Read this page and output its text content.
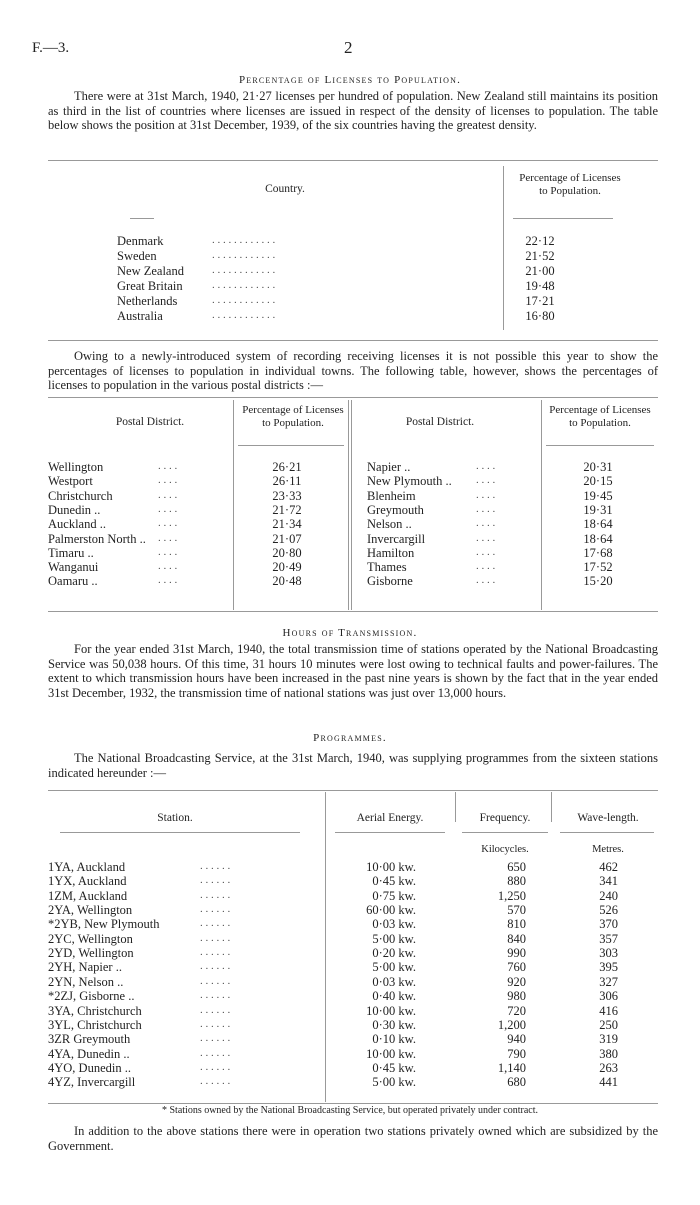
F.—3.	2
Percentage of Licenses to Population.
There were at 31st March, 1940, 21·27 licenses per hundred of population. New Zealand still maintains its position as third in the list of countries where licenses are issued in respect of the density of licenses to population. The table below shows the position at 31st December, 1939, of the six countries having the greatest density.
Country.
Percentage of Licenses to Population.
Denmark	. . . . . . . . . . . .	22·12
Sweden	. . . . . . . . . . . .	21·52
New Zealand	. . . . . . . . . . . .	21·00
Great Britain	. . . . . . . . . . . .	19·48
Netherlands	. . . . . . . . . . . .	17·21
Australia	. . . . . . . . . . . .	16·80
Owing to a newly-introduced system of recording receiving licenses it is not possible this year to show the percentages of licenses to population in individual towns. The following table, however, shows the percentages of licenses to population in the various postal districts :—
Postal District.
Percentage of Licenses to Population.	Postal District.
Percentage of Licenses to Population.
Wellington	. . . .	26·21
Westport	. . . .	26·11
Christchurch	. . . .	23·33
Dunedin ..	. . . .	21·72
Auckland ..	. . . .	21·34
Palmerston North .. . . . .	21·07
Timaru ..	. . . .	20·80
Wanganui	. . . .	20·49
Oamaru ..	. . . .	20·48
Napier ..	. . . .	20·31
New Plymouth .. . . . .	20·15
Blenheim	. . . .	19·45
Greymouth	. . . .	19·31
Nelson ..	. . . .	18·64
Invercargill	. . . .	18·64
Hamilton	. . . .	17·68
Thames	. . . .	17·52
Gisborne	. . . .	15·20
Hours of Transmission.
For the year ended 31st March, 1940, the total transmission time of stations operated by the National Broadcasting Service was 50,038 hours. Of this time, 31 hours 10 minutes were lost owing to technical faults and power-failures. The extent to which transmission hours have been increased in the past nine years is shown by the fact that in the year ended 31st December, 1932, the transmission time of national stations was just over 13,000 hours.
Programmes.
The National Broadcasting Service, at the 31st March, 1940, was supplying programmes from the sixteen stations indicated hereunder :—
Station.	Aerial Energy.	Frequency.	Wave-length.
Kilocycles.	Metres.
1YA, Auckland	. . . . . .	10·00 kw.	650	462
1YX, Auckland	. . . . . .	0·45 kw.	880	341
1ZM, Auckland	. . . . . .	0·75 kw.	1,250	240
2YA, Wellington	. . . . . .	60·00 kw.	570	526
*2YB, New Plymouth	. . . . . .	0·03 kw.	810	370
2YC, Wellington	. . . . . .	5·00 kw.	840	357
2YD, Wellington	. . . . . .	0·20 kw.	990	303
2YH, Napier ..	. . . . . .	5·00 kw.	760	395
2YN, Nelson ..	. . . . . .	0·03 kw.	920	327
*2ZJ, Gisborne ..	. . . . . .	0·40 kw.	980	306
3YA, Christchurch	. . . . . .	10·00 kw.	720	416
3YL, Christchurch	. . . . . .	0·30 kw.	1,200	250
3ZR Greymouth	. . . . . .	0·10 kw.	940	319
4YA, Dunedin ..	. . . . . .	10·00 kw.	790	380
4YO, Dunedin ..	. . . . . .	0·45 kw.	1,140	263
4YZ, Invercargill	. . . . . .	5·00 kw.	680	441
* Stations owned by the National Broadcasting Service, but operated privately under contract.
In addition to the above stations there were in operation two stations privately owned which are subsidized by the Government.
